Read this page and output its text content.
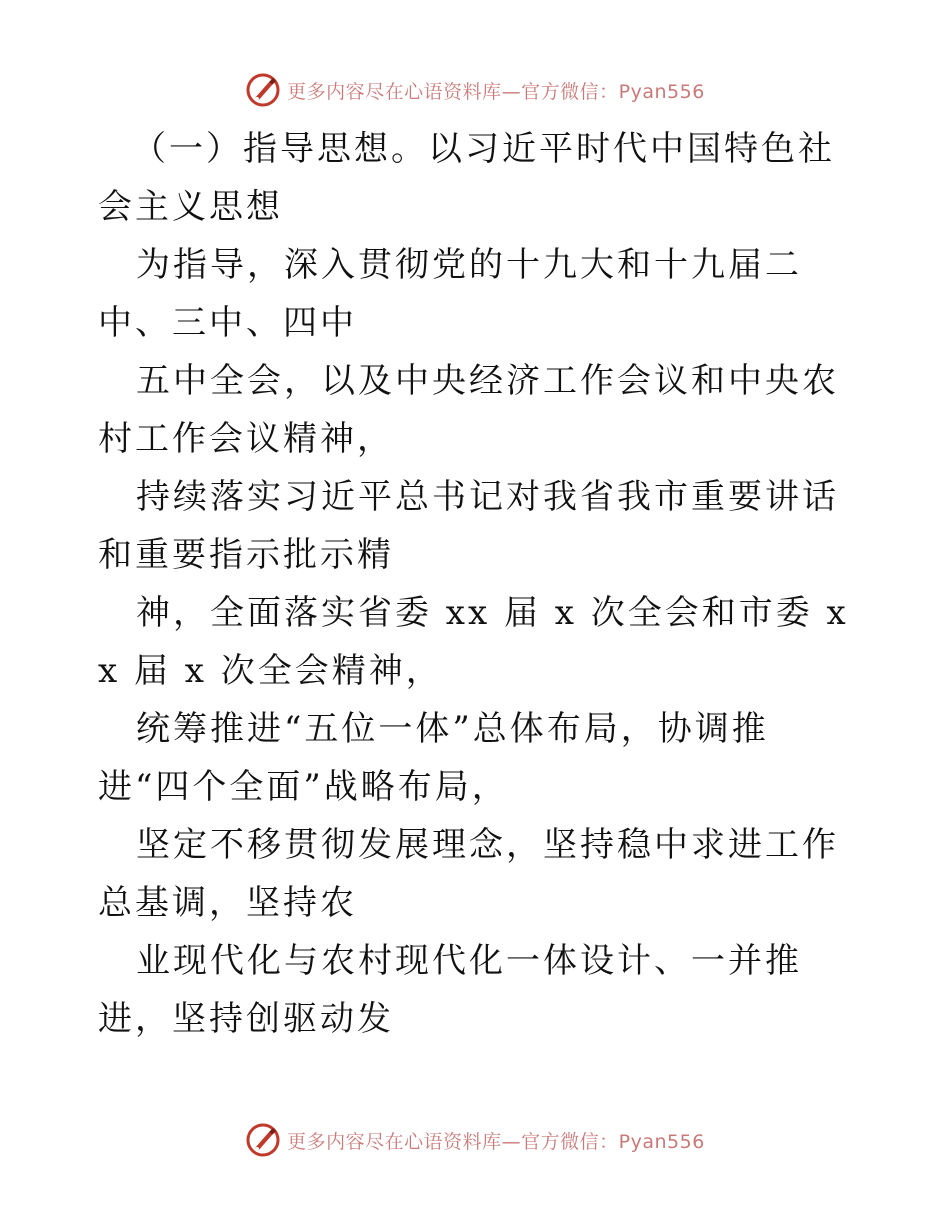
更多内容尽在心语资料库—官方微信：Pyan556

（一）指导思想。以习近平时代中国特色社会主义思想

为指导，深入贯彻党的十九大和十九届二中、三中、四中

五中全会，以及中央经济工作会议和中央农村工作会议精神，

持续落实习近平总书记对我省我市重要讲话和重要指示批示精

神，全面落实省委 xx 届 x 次全会和市委 xx 届 x 次全会精神，

统筹推进“五位一体”总体布局，协调推进“四个全面”战略布局，

坚定不移贯彻发展理念，坚持稳中求进工作总基调，坚持农

业现代化与农村现代化一体设计、一并推进，坚持创驱动发

更多内容尽在心语资料库—官方微信：Pyan556
